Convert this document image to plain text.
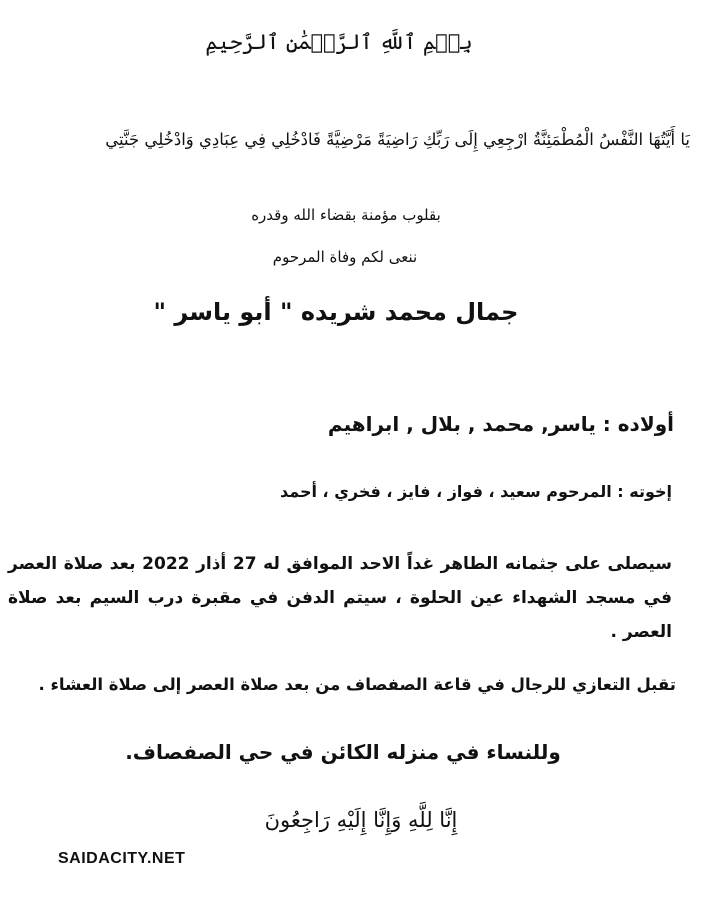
بِسۡمِ ٱللَّهِ ٱلرَّحۡمَٰنِ ٱلرَّحِيمِ
يَا أَيَّتُهَا النَّفْسُ الْمُطْمَئِنَّةُ ارْجِعِي إِلَى رَبِّكِ رَاضِيَةً مَرْضِيَّةً فَادْخُلِي فِي عِبَادِي وَادْخُلِي جَنَّتِي
بقلوب مؤمنة بقضاء الله وقدره
ننعى لكم وفاة المرحوم
جمال محمد شريده " أبو ياسر "
أولاده : ياسر, محمد , بلال , ابراهيم
إخوته : المرحوم سعيد ، فواز ، فايز ، فخري ، أحمد
سيصلى على جثمانه الطاهر غداً الاحد الموافق له 27 أذار 2022 بعد صلاة العصر في مسجد الشهداء عين الحلوة ، سيتم الدفن في مقبرة درب السيم بعد صلاة العصر .
تقبل التعازي للرجال في قاعة الصفصاف من بعد صلاة العصر إلى صلاة العشاء .
وللنساء في منزله الكائن في حي الصفصاف.
إِنَّا لِلَّهِ وَإِنَّا إِلَيْهِ رَاجِعُونَ
SAIDACITY.NET
